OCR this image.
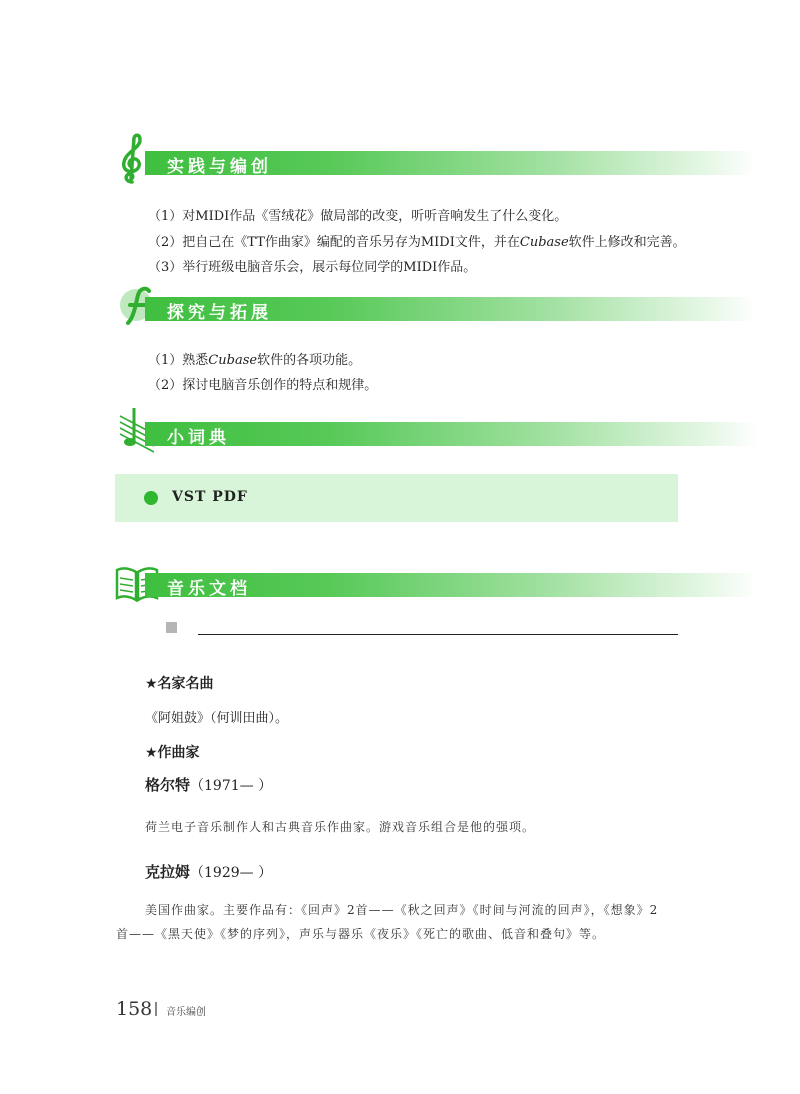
实践与编创
（1）对MIDI作品《雪绒花》做局部的改变，听听音响发生了什么变化。
（2）把自己在《TT作曲家》编配的音乐另存为MIDI文件，并在Cubase软件上修改和完善。
（3）举行班级电脑音乐会，展示每位同学的MIDI作品。
探究与拓展
（1）熟悉Cubase软件的各项功能。
（2）探讨电脑音乐创作的特点和规律。
小词典
VST PDF
音乐文档
★名家名曲
《阿姐鼓》（何训田曲）。
★作曲家
格尔特（1971— ）
荷兰电子音乐制作人和古典音乐作曲家。游戏音乐组合是他的强项。
克拉姆（1929— ）
美国作曲家。主要作品有：《回声》2首——《秋之回声》《时间与河流的回声》，《想象》2
首——《黑天使》《梦的序列》，声乐与器乐《夜乐》《死亡的歌曲、低音和叠句》等。
158 音乐编创
